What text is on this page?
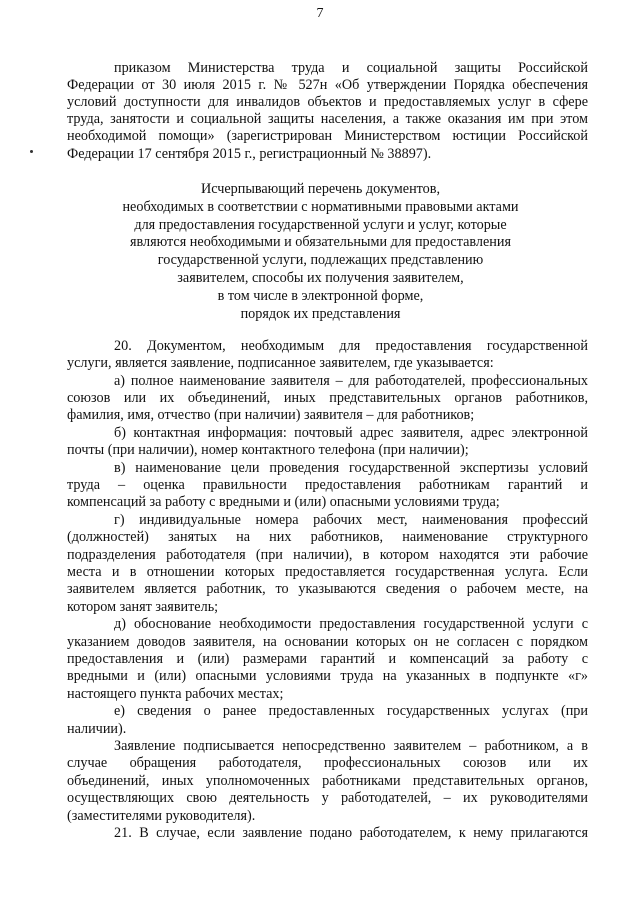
7
приказом Министерства труда и социальной защиты Российской
Федерации от 30 июля 2015 г. № 527н «Об утверждении Порядка обеспечения
условий доступности для инвалидов объектов и предоставляемых услуг в сфере
труда, занятости и социальной защиты населения, а также оказания им при этом
необходимой помощи» (зарегистрирован Министерством юстиции Российской
Федерации 17 сентября 2015 г., регистрационный № 38897).
Исчерпывающий перечень документов,
необходимых в соответствии с нормативными правовыми актами
для предоставления государственной услуги и услуг, которые
являются необходимыми и обязательными для предоставления
государственной услуги, подлежащих представлению
заявителем, способы их получения заявителем,
в том числе в электронной форме,
порядок их представления
20. Документом, необходимым для предоставления государственной
услуги, является заявление, подписанное заявителем, где указывается:
а) полное наименование заявителя – для работодателей, профессиональных
союзов или их объединений, иных представительных органов работников,
фамилия, имя, отчество (при наличии) заявителя – для работников;
б) контактная информация: почтовый адрес заявителя, адрес электронной
почты (при наличии), номер контактного телефона (при наличии);
в) наименование цели проведения государственной экспертизы условий
труда – оценка правильности предоставления работникам гарантий и
компенсаций за работу с вредными и (или) опасными условиями труда;
г) индивидуальные номера рабочих мест, наименования профессий
(должностей) занятых на них работников, наименование структурного
подразделения работодателя (при наличии), в котором находятся эти рабочие
места и в отношении которых предоставляется государственная услуга. Если
заявителем является работник, то указываются сведения о рабочем месте, на
котором занят заявитель;
д) обоснование необходимости предоставления государственной услуги с
указанием доводов заявителя, на основании которых он не согласен с порядком
предоставления и (или) размерами гарантий и компенсаций за работу с
вредными и (или) опасными условиями труда на указанных в подпункте «г»
настоящего пункта рабочих местах;
е) сведения о ранее предоставленных государственных услугах (при
наличии).
Заявление подписывается непосредственно заявителем – работником, а в
случае обращения работодателя, профессиональных союзов или их
объединений, иных уполномоченных работниками представительных органов,
осуществляющих свою деятельность у работодателей, – их руководителями
(заместителями руководителя).
21. В случае, если заявление подано работодателем, к нему прилагаются
